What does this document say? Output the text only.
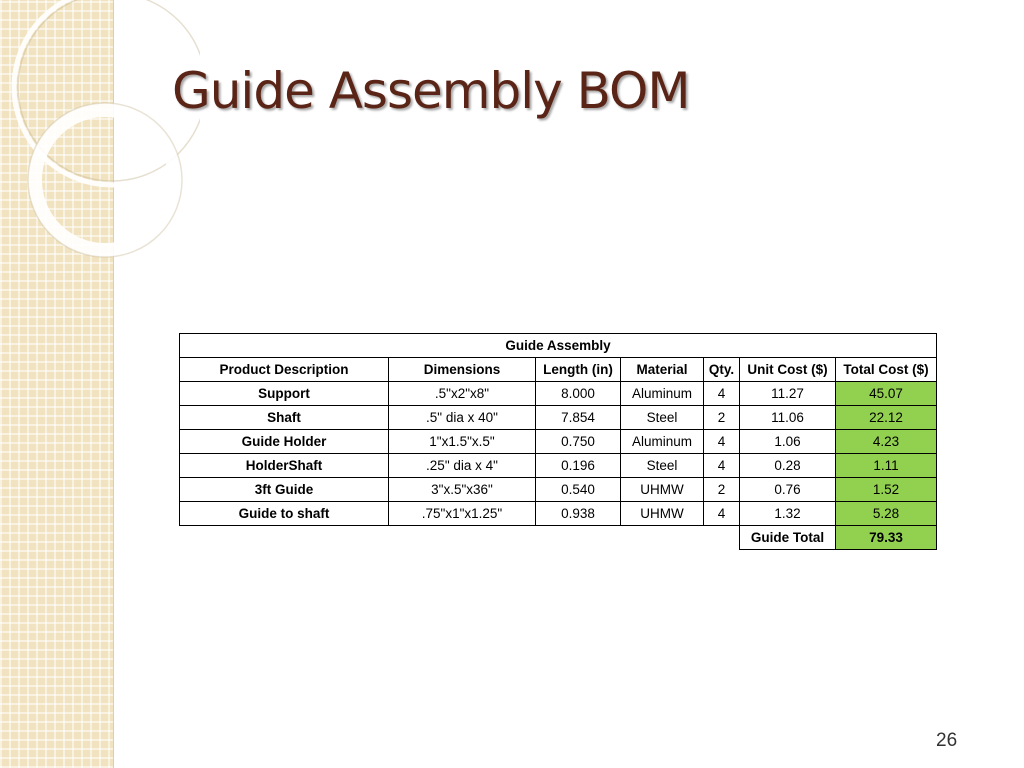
Guide Assembly BOM
Guide Assembly						
Product Description	Dimensions	Length (in)	Material	Qty.	Unit Cost ($)	Total Cost ($)
Support	.5"x2"x8"	8.000	Aluminum	4	11.27	45.07
Shaft	.5" dia x 40"	7.854	Steel	2	11.06	22.12
Guide Holder	1"x1.5"x.5"	0.750	Aluminum	4	1.06	4.23
HolderShaft	.25" dia x 4"	0.196	Steel	4	0.28	1.11
3ft Guide	3"x.5"x36"	0.540	UHMW	2	0.76	1.52
Guide to shaft	.75"x1"x1.25"	0.938	UHMW	4	1.32	5.28
					Guide Total	79.33
26
